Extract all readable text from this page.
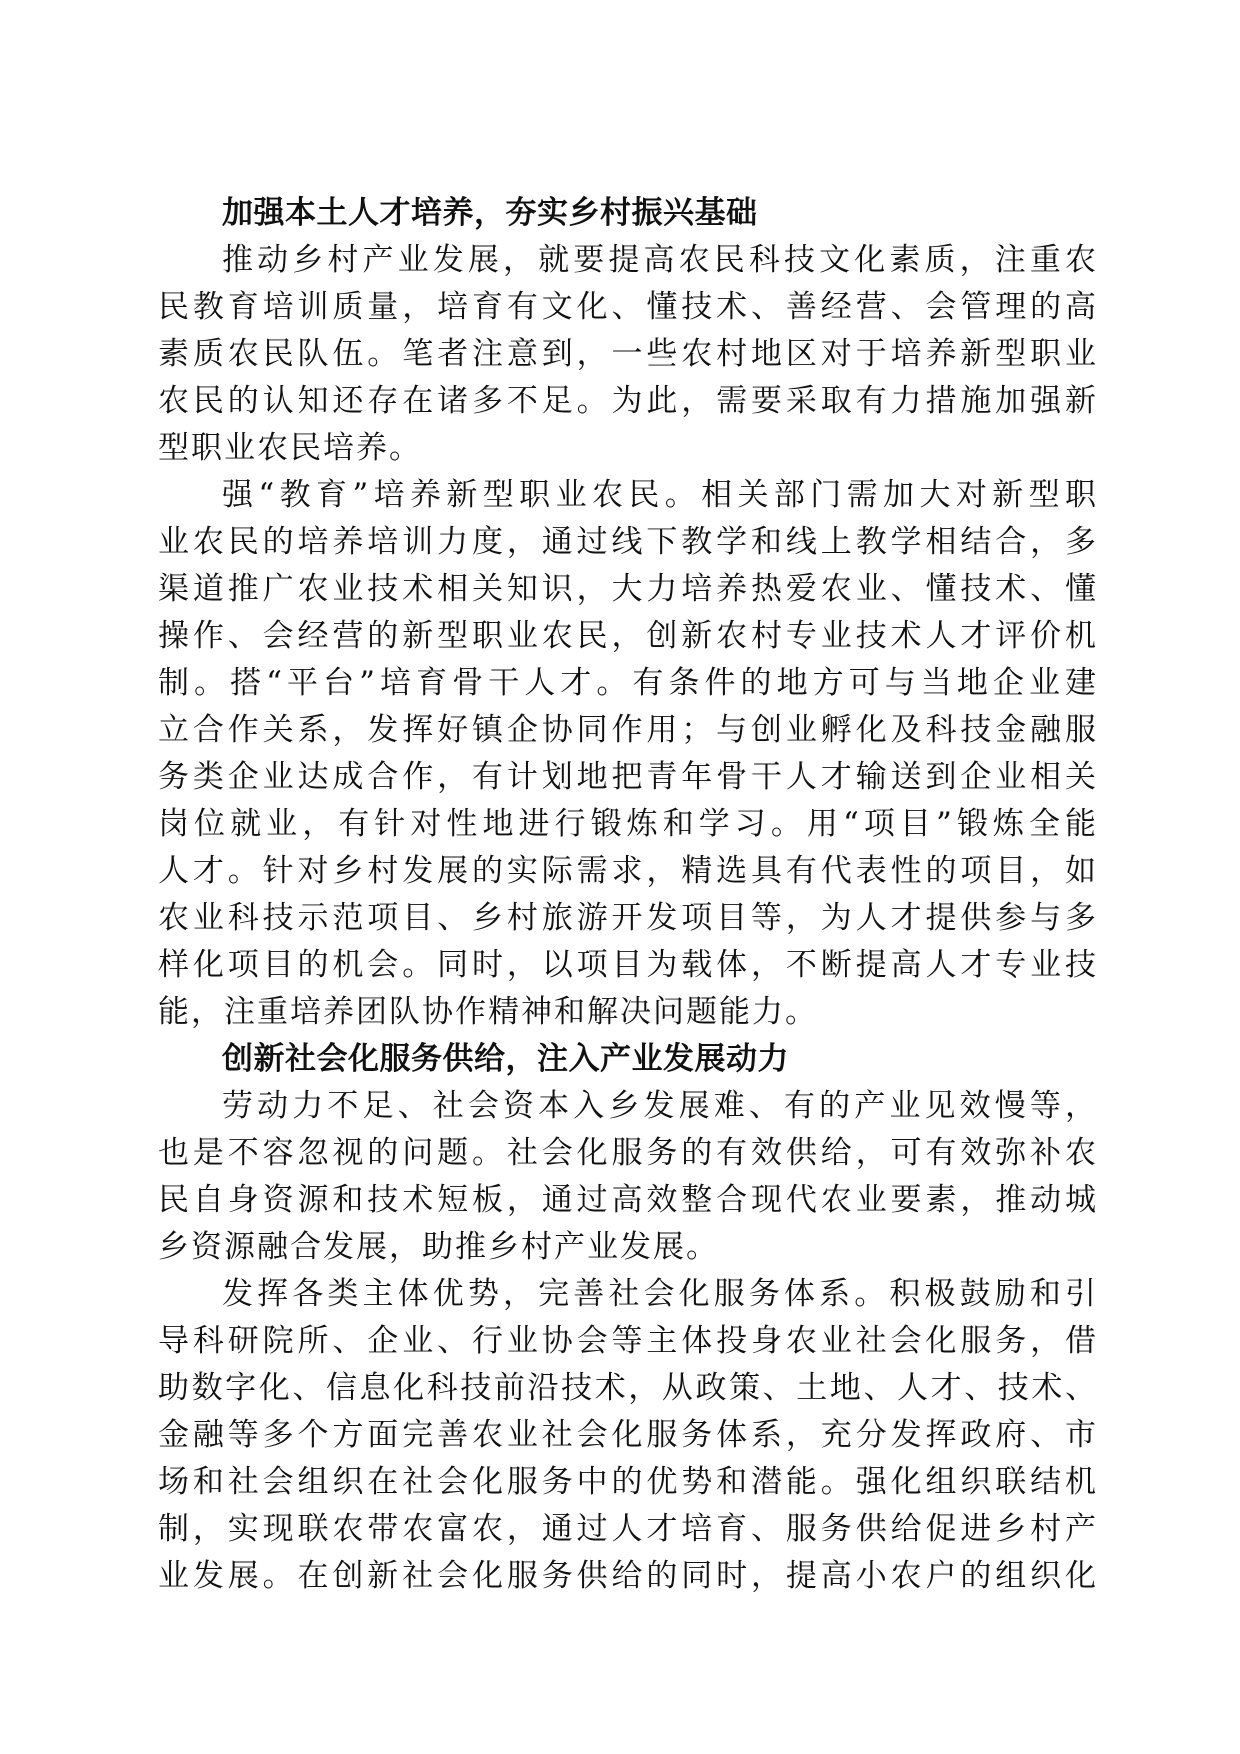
加强本土人才培养，夯实乡村振兴基础

推动乡村产业发展，就要提高农民科技文化素质，注重农
民教育培训质量，培育有文化、懂技术、善经营、会管理的高
素质农民队伍。笔者注意到，一些农村地区对于培养新型职业
农民的认知还存在诸多不足。为此，需要采取有力措施加强新
型职业农民培养。

强“教育”培养新型职业农民。相关部门需加大对新型职
业农民的培养培训力度，通过线下教学和线上教学相结合，多
渠道推广农业技术相关知识，大力培养热爱农业、懂技术、懂
操作、会经营的新型职业农民，创新农村专业技术人才评价机
制。搭“平台”培育骨干人才。有条件的地方可与当地企业建
立合作关系，发挥好镇企协同作用；与创业孵化及科技金融服
务类企业达成合作，有计划地把青年骨干人才输送到企业相关
岗位就业，有针对性地进行锻炼和学习。用“项目”锻炼全能
人才。针对乡村发展的实际需求，精选具有代表性的项目，如
农业科技示范项目、乡村旅游开发项目等，为人才提供参与多
样化项目的机会。同时，以项目为载体，不断提高人才专业技
能，注重培养团队协作精神和解决问题能力。

创新社会化服务供给，注入产业发展动力

劳动力不足、社会资本入乡发展难、有的产业见效慢等，
也是不容忽视的问题。社会化服务的有效供给，可有效弥补农
民自身资源和技术短板，通过高效整合现代农业要素，推动城
乡资源融合发展，助推乡村产业发展。

发挥各类主体优势，完善社会化服务体系。积极鼓励和引
导科研院所、企业、行业协会等主体投身农业社会化服务，借
助数字化、信息化科技前沿技术，从政策、土地、人才、技术、
金融等多个方面完善农业社会化服务体系，充分发挥政府、市
场和社会组织在社会化服务中的优势和潜能。强化组织联结机
制，实现联农带农富农，通过人才培育、服务供给促进乡村产
业发展。在创新社会化服务供给的同时，提高小农户的组织化
